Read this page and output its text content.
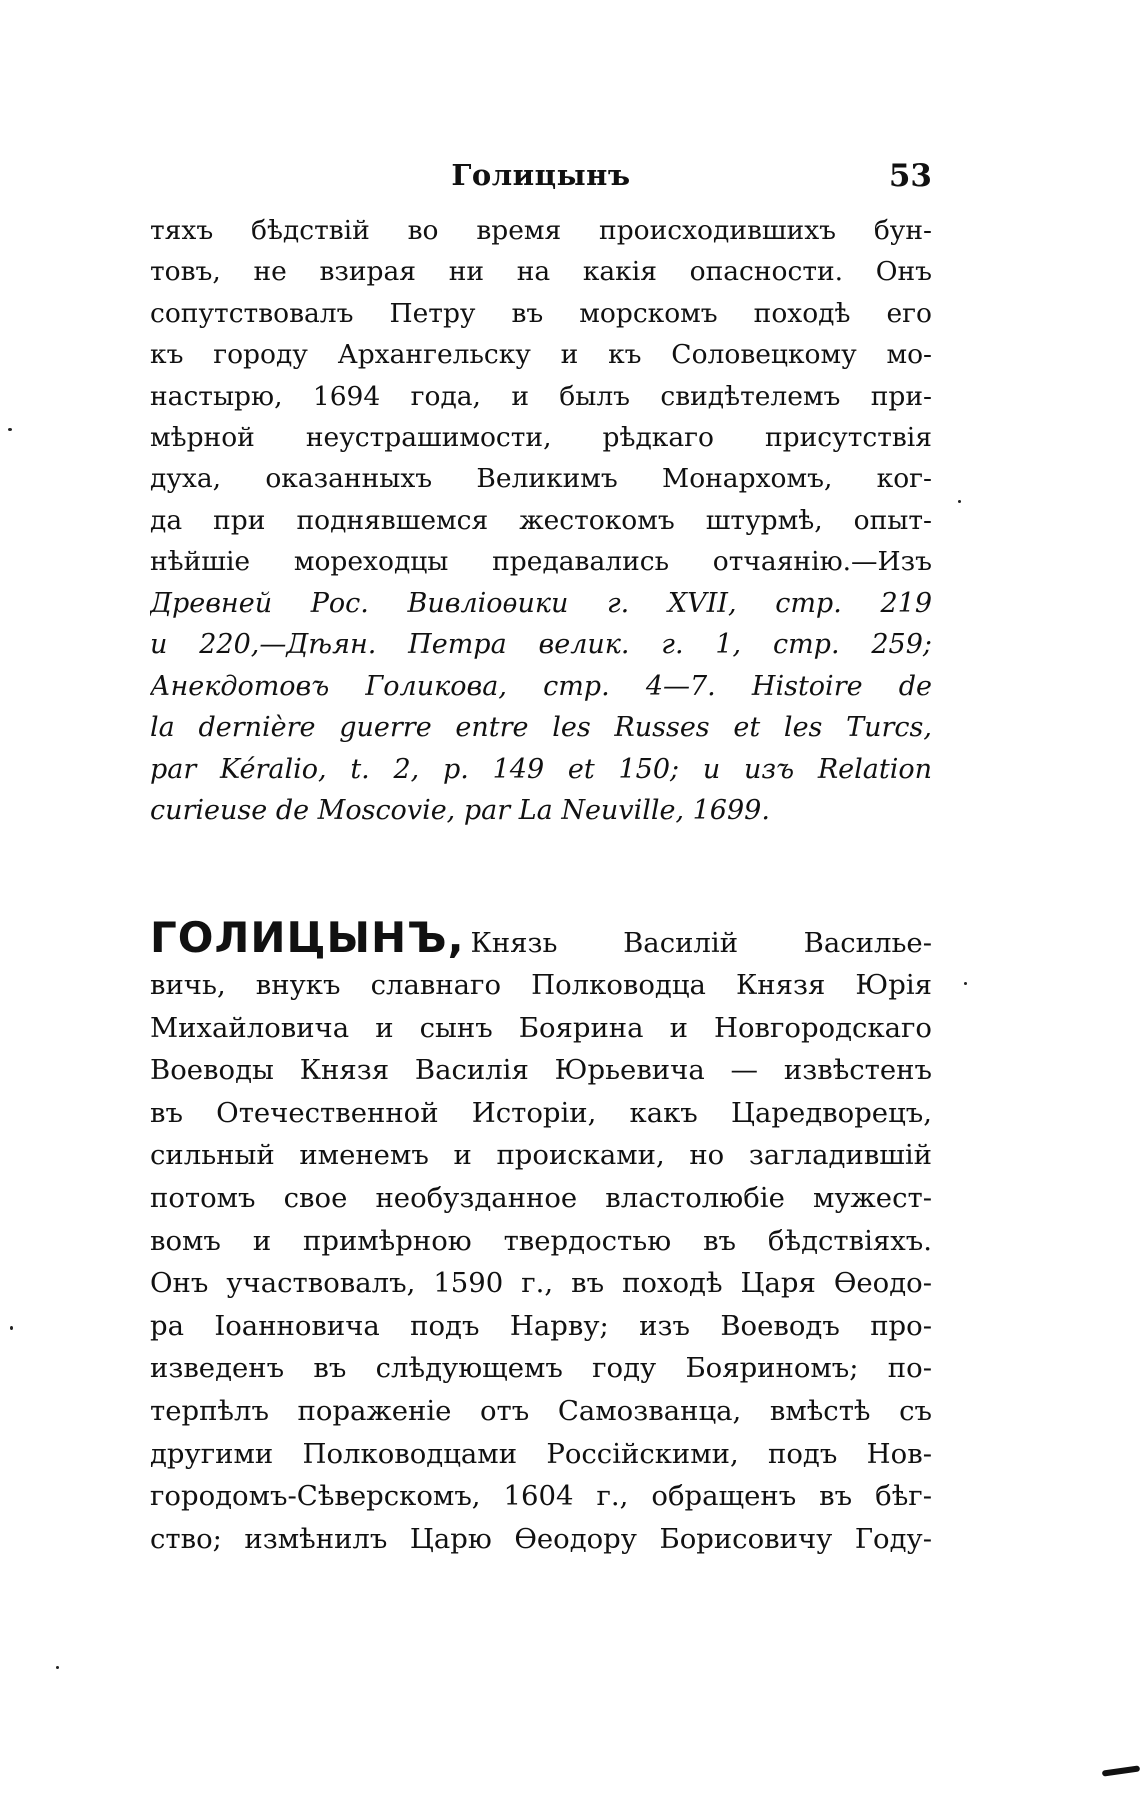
Голицынъ	53
тяхъ бѣдствій во время происходившихъ бун-
товъ, не взирая ни на какія опасности. Онъ
сопутствовалъ Петру въ морскомъ походѣ его
къ городу Архангельску и къ Соловецкому мо-
настырю, 1694 года, и былъ свидѣтелемъ при-
мѣрной неустрашимости, рѣдкаго присутствія
духа, оказанныхъ Великимъ Монархомъ, ког-
да при поднявшемся жестокомъ штурмѣ, опыт-
нѣйшіе мореходцы предавались отчаянію.—Изъ
Древней Рос. Вивліоѳики г. XVII, стр. 219
и 220,—Дѣян. Петра велик. г. 1, стр. 259;
Анекдотовъ Голикова, стр. 4—7. Histoire de
la dernière guerre entre les Russes et les Turcs,
par Kéralio, t. 2, p. 149 et 150; и изъ Relation
curieuse de Moscovie, par La Neuville, 1699.
ГОЛИЦЫНЪ, Князь Василій Василье-
вичь, внукъ славнаго Полководца Князя Юрія
Михайловича и сынъ Боярина и Новгородскаго
Воеводы Князя Василія Юрьевича — извѣстенъ
въ Отечественной Исторіи, какъ Царедворецъ,
сильный именемъ и происками, но загладившій
потомъ свое необузданное властолюбіе мужест-
вомъ и примѣрною твердостью въ бѣдствіяхъ.
Онъ участвовалъ, 1590 г., въ походѣ Царя Ѳеодо-
ра Іоанновича подъ Нарву; изъ Воеводъ про-
изведенъ въ слѣдующемъ году Бояриномъ; по-
терпѣлъ пораженіе отъ Самозванца, вмѣстѣ съ
другими Полководцами Россійскими, подъ Нов-
городомъ-Сѣверскомъ, 1604 г., обращенъ въ бѣг-
ство; измѣнилъ Царю Ѳеодору Борисовичу Году-
